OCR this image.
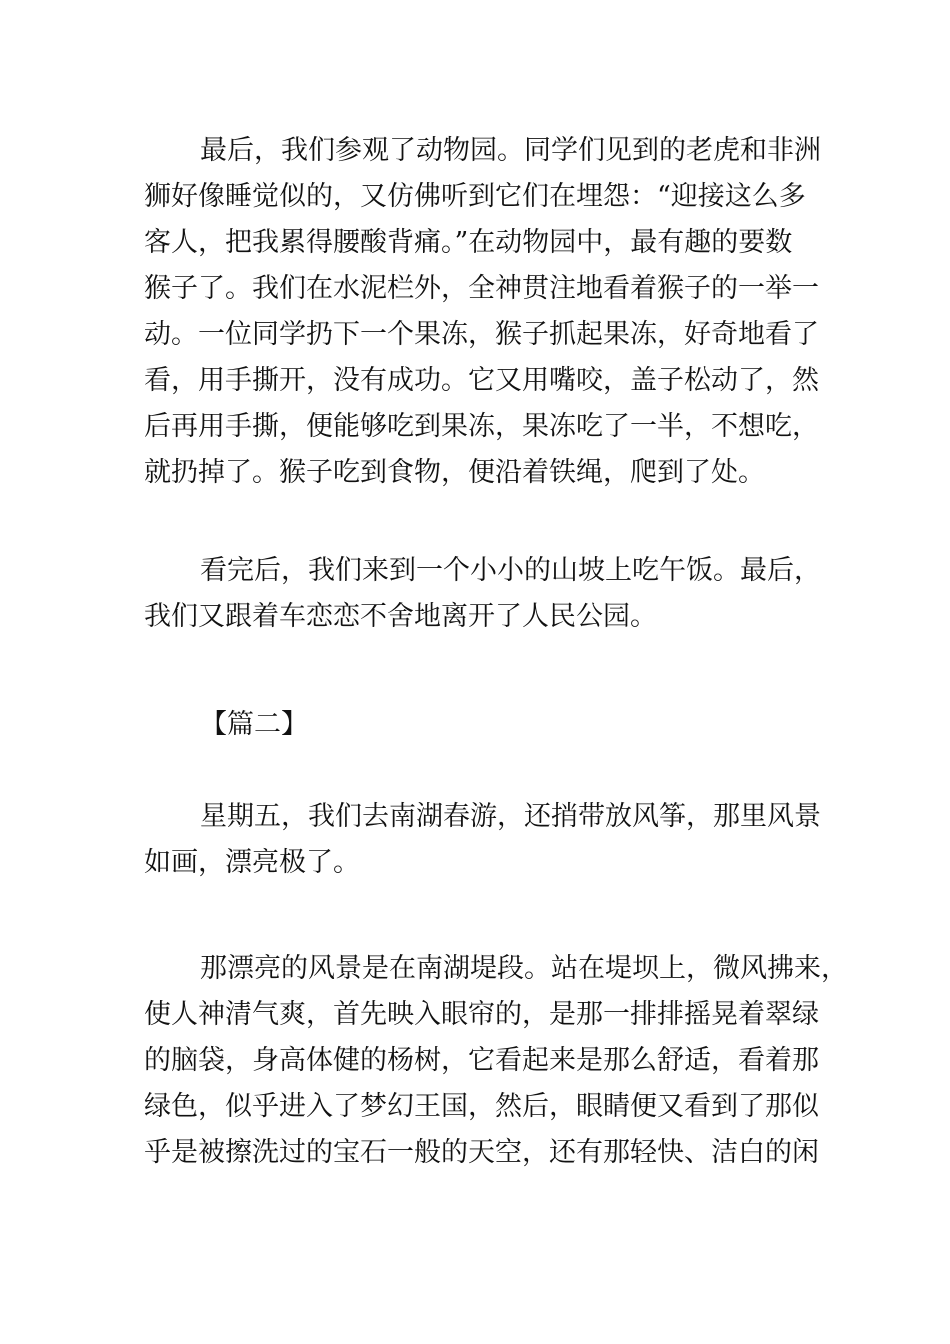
最后，我们参观了动物园。同学们见到的老虎和非洲
狮好像睡觉似的，又仿佛听到它们在埋怨：“迎接这么多
客人，把我累得腰酸背痛。”在动物园中，最有趣的要数
猴子了。我们在水泥栏外，全神贯注地看着猴子的一举一
动。一位同学扔下一个果冻，猴子抓起果冻，好奇地看了
看，用手撕开，没有成功。它又用嘴咬，盖子松动了，然
后再用手撕，便能够吃到果冻，果冻吃了一半，不想吃，
就扔掉了。猴子吃到食物，便沿着铁绳，爬到了处。
看完后，我们来到一个小小的山坡上吃午饭。最后，
我们又跟着车恋恋不舍地离开了人民公园。
【篇二】
星期五，我们去南湖春游，还捎带放风筝，那里风景
如画，漂亮极了。
那漂亮的风景是在南湖堤段。站在堤坝上，微风拂来，
使人神清气爽，首先映入眼帘的，是那一排排摇晃着翠绿
的脑袋，身高体健的杨树，它看起来是那么舒适，看着那
绿色，似乎进入了梦幻王国，然后，眼睛便又看到了那似
乎是被擦洗过的宝石一般的天空，还有那轻快、洁白的闲
